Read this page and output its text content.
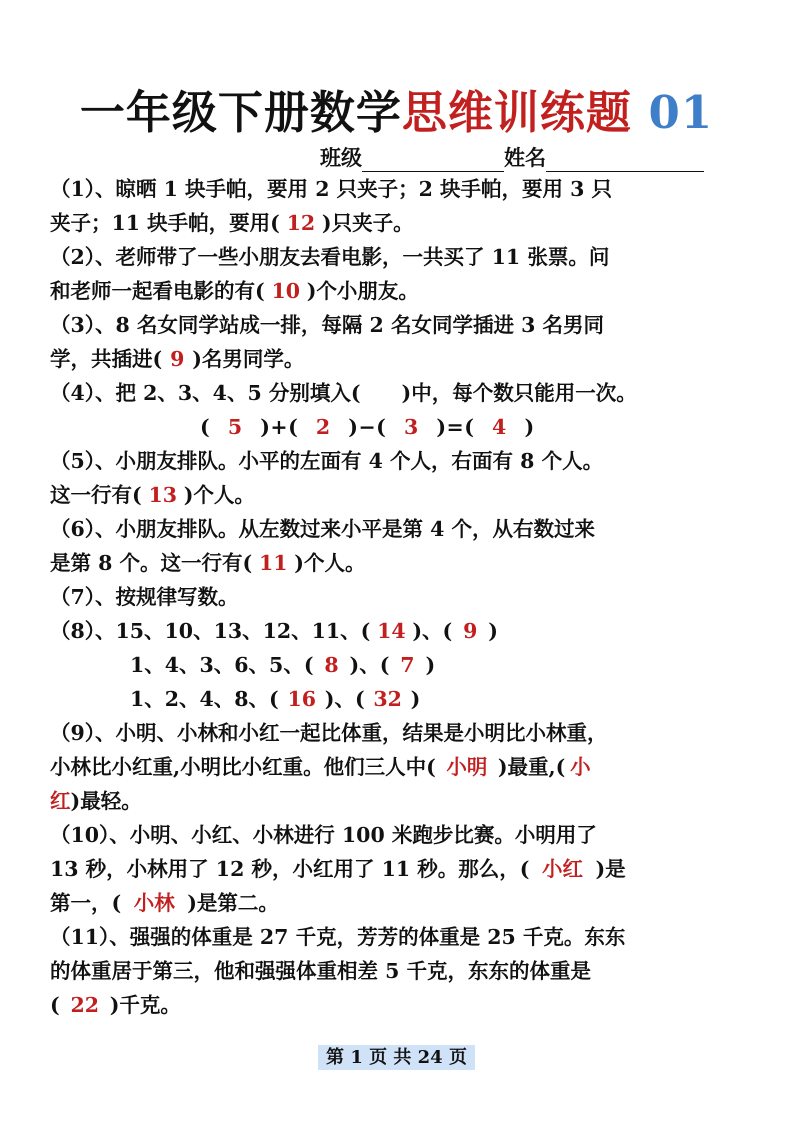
一年级下册数学思维训练题 01
班级	姓名
（1）、晾晒 1 块手帕，要用 2 只夹子；2 块手帕，要用 3 只
夹子；11 块手帕，要用( 12 )只夹子。
（2）、老师带了一些小朋友去看电影，一共买了 11 张票。问
和老师一起看电影的有( 10 )个小朋友。
（3）、8 名女同学站成一排，每隔 2 名女同学插进 3 名男同
学，共插进( 9 )名男同学。
（4）、把 2、3、4、5 分别填入(　　)中，每个数只能用一次。
( 5 )+( 2 )−( 3 )=( 4 )
（5）、小朋友排队。小平的左面有 4 个人，右面有 8 个人。
这一行有( 13 )个人。
（6）、小朋友排队。从左数过来小平是第 4 个，从右数过来
是第 8 个。这一行有( 11 )个人。
（7）、按规律写数。
（8）、15、10、13、12、11、( 14 )、( 9 )
1、4、3、6、5、( 8 )、( 7 )
1、2、4、8、( 16 )、( 32 )
（9）、小明、小林和小红一起比体重，结果是小明比小林重，
小林比小红重,小明比小红重。他们三人中( 小明 )最重,( 小
红)最轻。
（10）、小明、小红、小林进行 100 米跑步比赛。小明用了
13 秒，小林用了 12 秒，小红用了 11 秒。那么，( 小红 )是
第一，( 小林 )是第二。
（11）、强强的体重是 27 千克，芳芳的体重是 25 千克。东东
的体重居于第三，他和强强体重相差 5 千克，东东的体重是
( 22 )千克。
第 1 页 共 24 页
